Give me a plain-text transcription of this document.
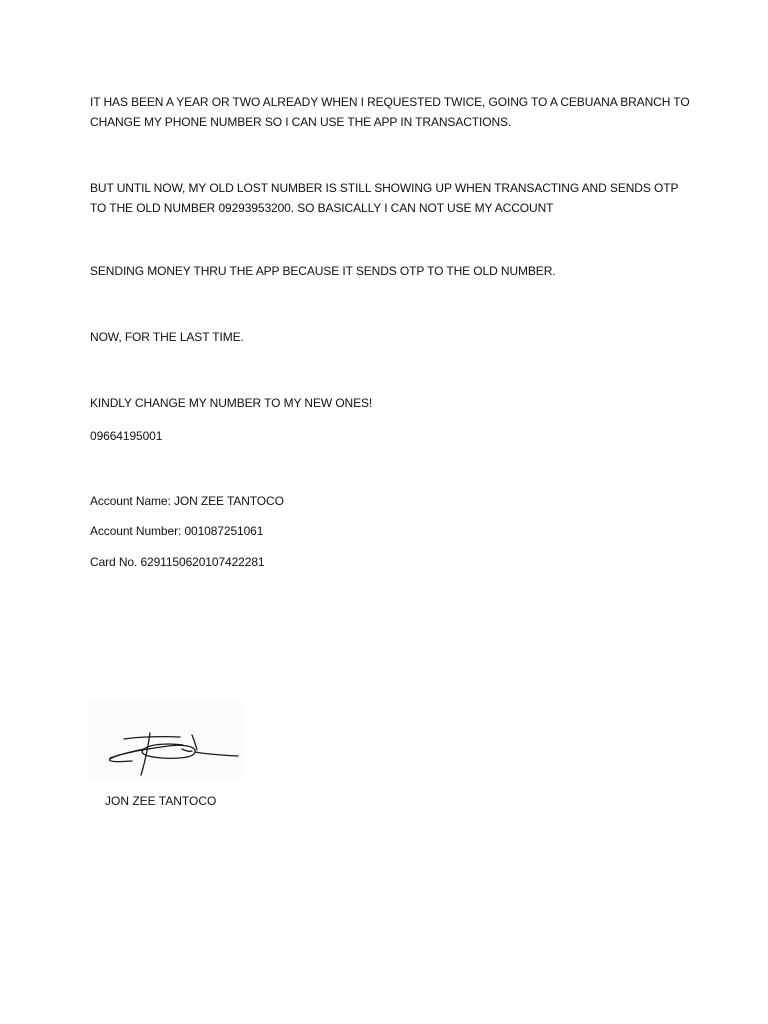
IT HAS BEEN A YEAR OR TWO ALREADY WHEN I REQUESTED TWICE, GOING TO A CEBUANA BRANCH TO
CHANGE MY PHONE NUMBER SO I CAN USE THE APP IN TRANSACTIONS.

BUT UNTIL NOW, MY OLD LOST NUMBER IS STILL SHOWING UP WHEN TRANSACTING AND SENDS OTP
TO THE OLD NUMBER 09293953200. SO BASICALLY I CAN NOT USE MY ACCOUNT

SENDING MONEY THRU THE APP BECAUSE IT SENDS OTP TO THE OLD NUMBER.

NOW, FOR THE LAST TIME.

KINDLY CHANGE MY NUMBER TO MY NEW ONES!

09664195001

Account Name: JON ZEE TANTOCO

Account Number: 001087251061

Card No. 6291150620107422281

JON ZEE TANTOCO
